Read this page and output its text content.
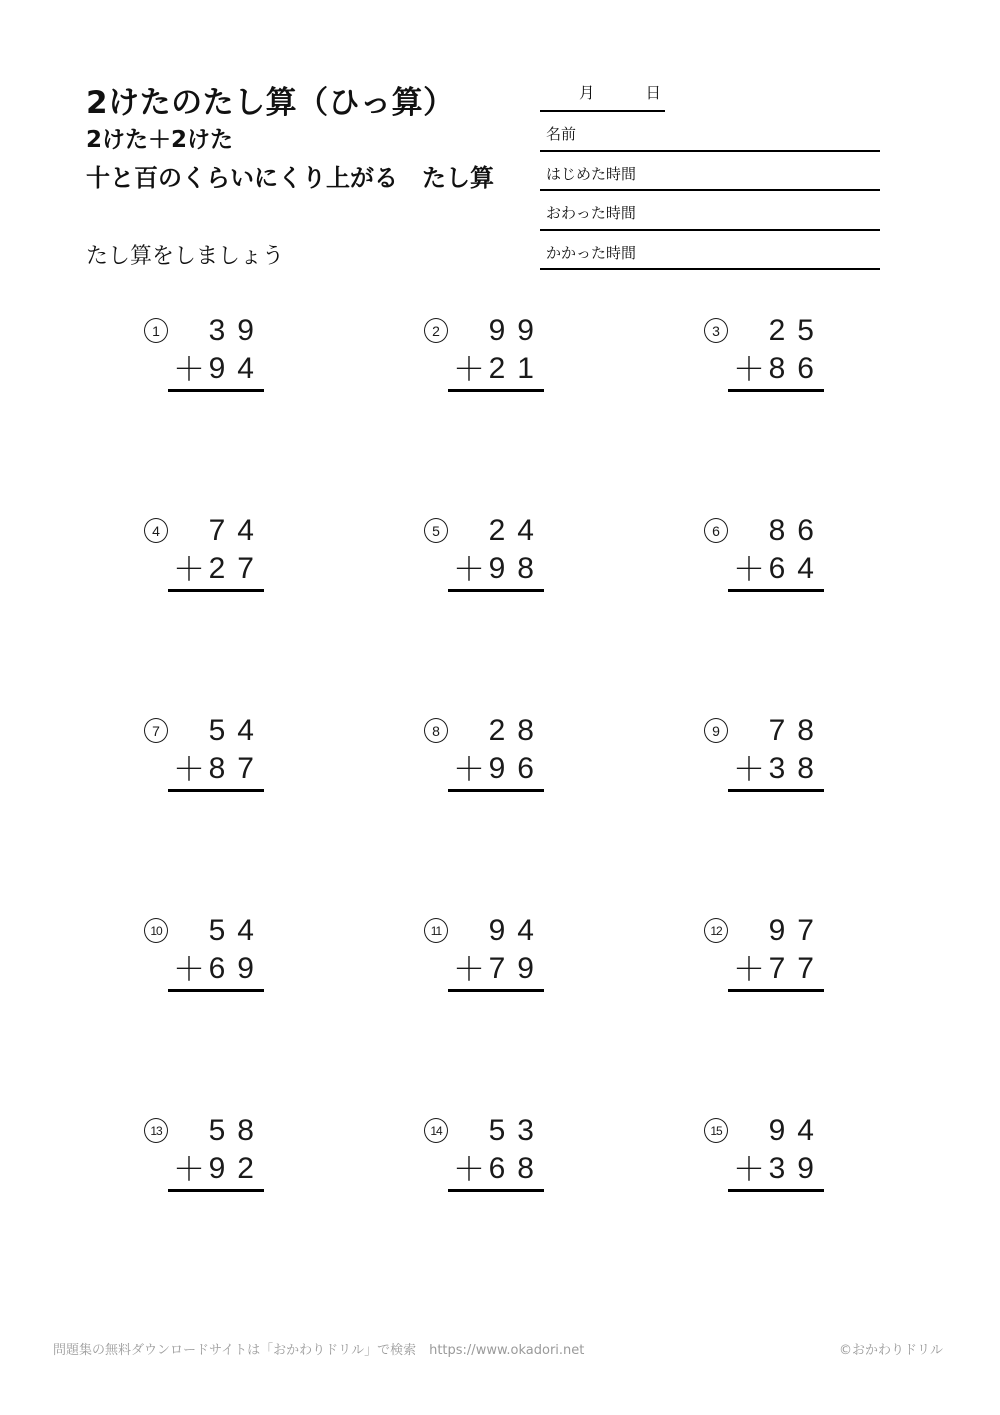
2けたのたし算（ひっ算）
2けた＋2けた
十と百のくらいにくり上がる　たし算
たし算をしましょう
月	日
名前
はじめた時間
おわった時間
かかった時間
1	39
＋ 94
2	99
＋ 21
3	25
＋ 86
4	74
＋ 27
5	24
＋ 98
6	86
＋ 64
7	54
＋ 87
8	28
＋ 96
9	78
＋ 38
10	54
＋ 69
11	94
＋ 79
12	97
＋ 77
13	58
＋ 92
14	53
＋ 68
15	94
＋ 39
問題集の無料ダウンロードサイトは「おかわりドリル」で検索　https://www.okadori.net	©おかわりドリル
